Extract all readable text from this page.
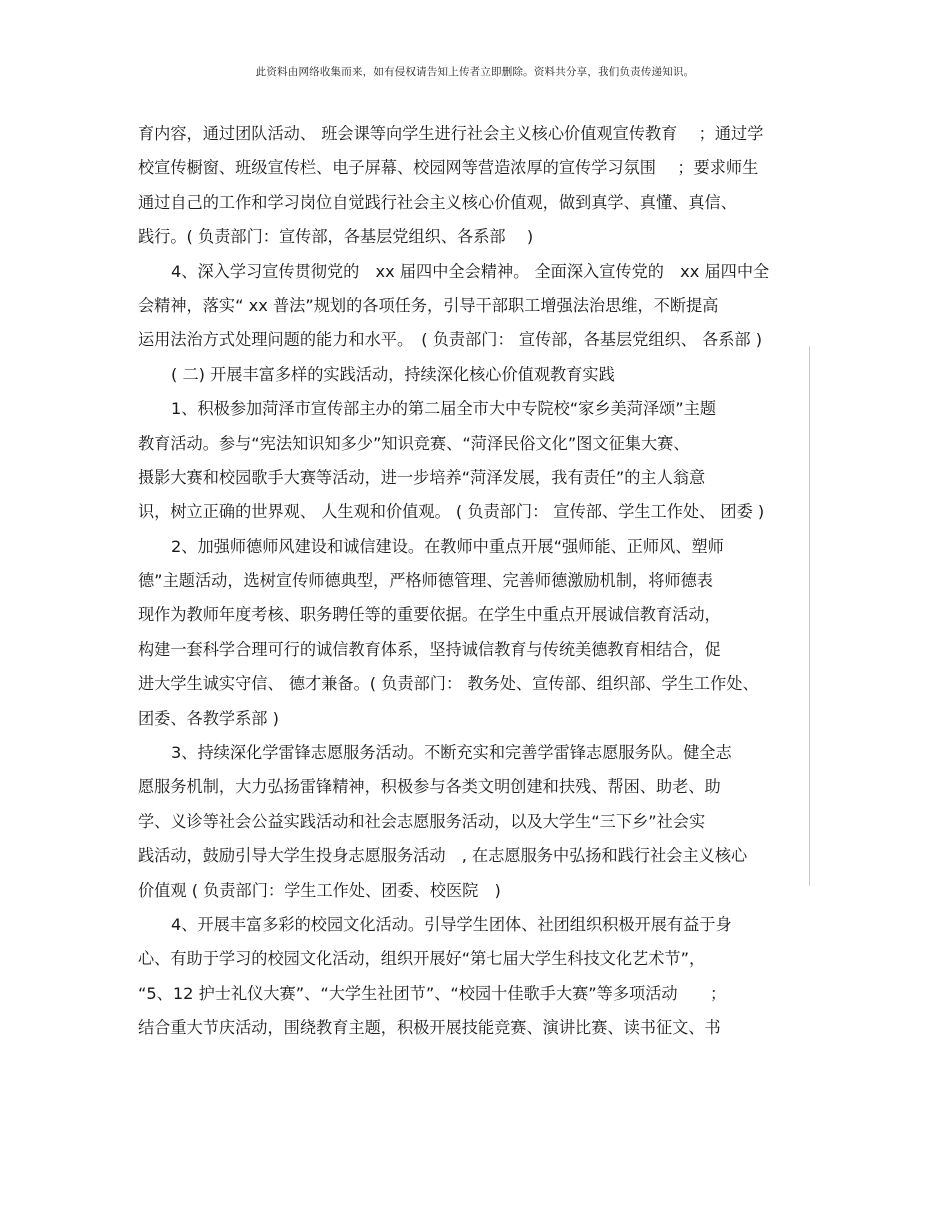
此资料由网络收集而来，如有侵权请告知上传者立即删除。资料共分享，我们负责传递知识。
育内容，通过团队活动、 班会课等向学生进行社会主义核心价值观宣传教育　 ；通过学
校宣传橱窗、班级宣传栏、电子屏幕、校园网等营造浓厚的宣传学习氛围　 ；要求师生
通过自己的工作和学习岗位自觉践行社会主义核心价值观，做到真学、真懂、真信、
践行。( 负责部门：宣传部，各基层党组织、各系部　 )
4、深入学习宣传贯彻党的　xx 届四中全会精神。 全面深入宣传党的　xx 届四中全
会精神，落实“ xx 普法”规划的各项任务，引导干部职工增强法治思维，不断提高
运用法治方式处理问题的能力和水平。　( 负责部门： 宣传部，各基层党组织、 各系部 )
( 二) 开展丰富多样的实践活动，持续深化核心价值观教育实践
1、积极参加菏泽市宣传部主办的第二届全市大中专院校“家乡美菏泽颂”主题
教育活动。参与“宪法知识知多少”知识竞赛、“菏泽民俗文化”图文征集大赛、
摄影大赛和校园歌手大赛等活动，进一步培养“菏泽发展，我有责任”的主人翁意
识，树立正确的世界观、 人生观和价值观。 ( 负责部门： 宣传部、学生工作处、 团委 )
2、加强师德师风建设和诚信建设。在教师中重点开展“强师能、正师风、塑师
德”主题活动，选树宣传师德典型，严格师德管理、完善师德激励机制，将师德表
现作为教师年度考核、职务聘任等的重要依据。在学生中重点开展诚信教育活动，
构建一套科学合理可行的诚信教育体系，坚持诚信教育与传统美德教育相结合，促
进大学生诚实守信、 德才兼备。( 负责部门： 教务处、宣传部、组织部、学生工作处、
团委、各教学系部 )
3、持续深化学雷锋志愿服务活动。不断充实和完善学雷锋志愿服务队。健全志
愿服务机制，大力弘扬雷锋精神，积极参与各类文明创建和扶残、帮困、助老、助
学、义诊等社会公益实践活动和社会志愿服务活动，以及大学生“三下乡”社会实
践活动，鼓励引导大学生投身志愿服务活动　, 在志愿服务中弘扬和践行社会主义核心
价值观 ( 负责部门：学生工作处、团委、校医院　)
4、开展丰富多彩的校园文化活动。引导学生团体、社团组织积极开展有益于身
心、有助于学习的校园文化活动，组织开展好“第七届大学生科技文化艺术节”，
“5、12 护士礼仪大赛”、“大学生社团节”、“校园十佳歌手大赛”等多项活动　　；
结合重大节庆活动，围绕教育主题，积极开展技能竞赛、演讲比赛、读书征文、书
